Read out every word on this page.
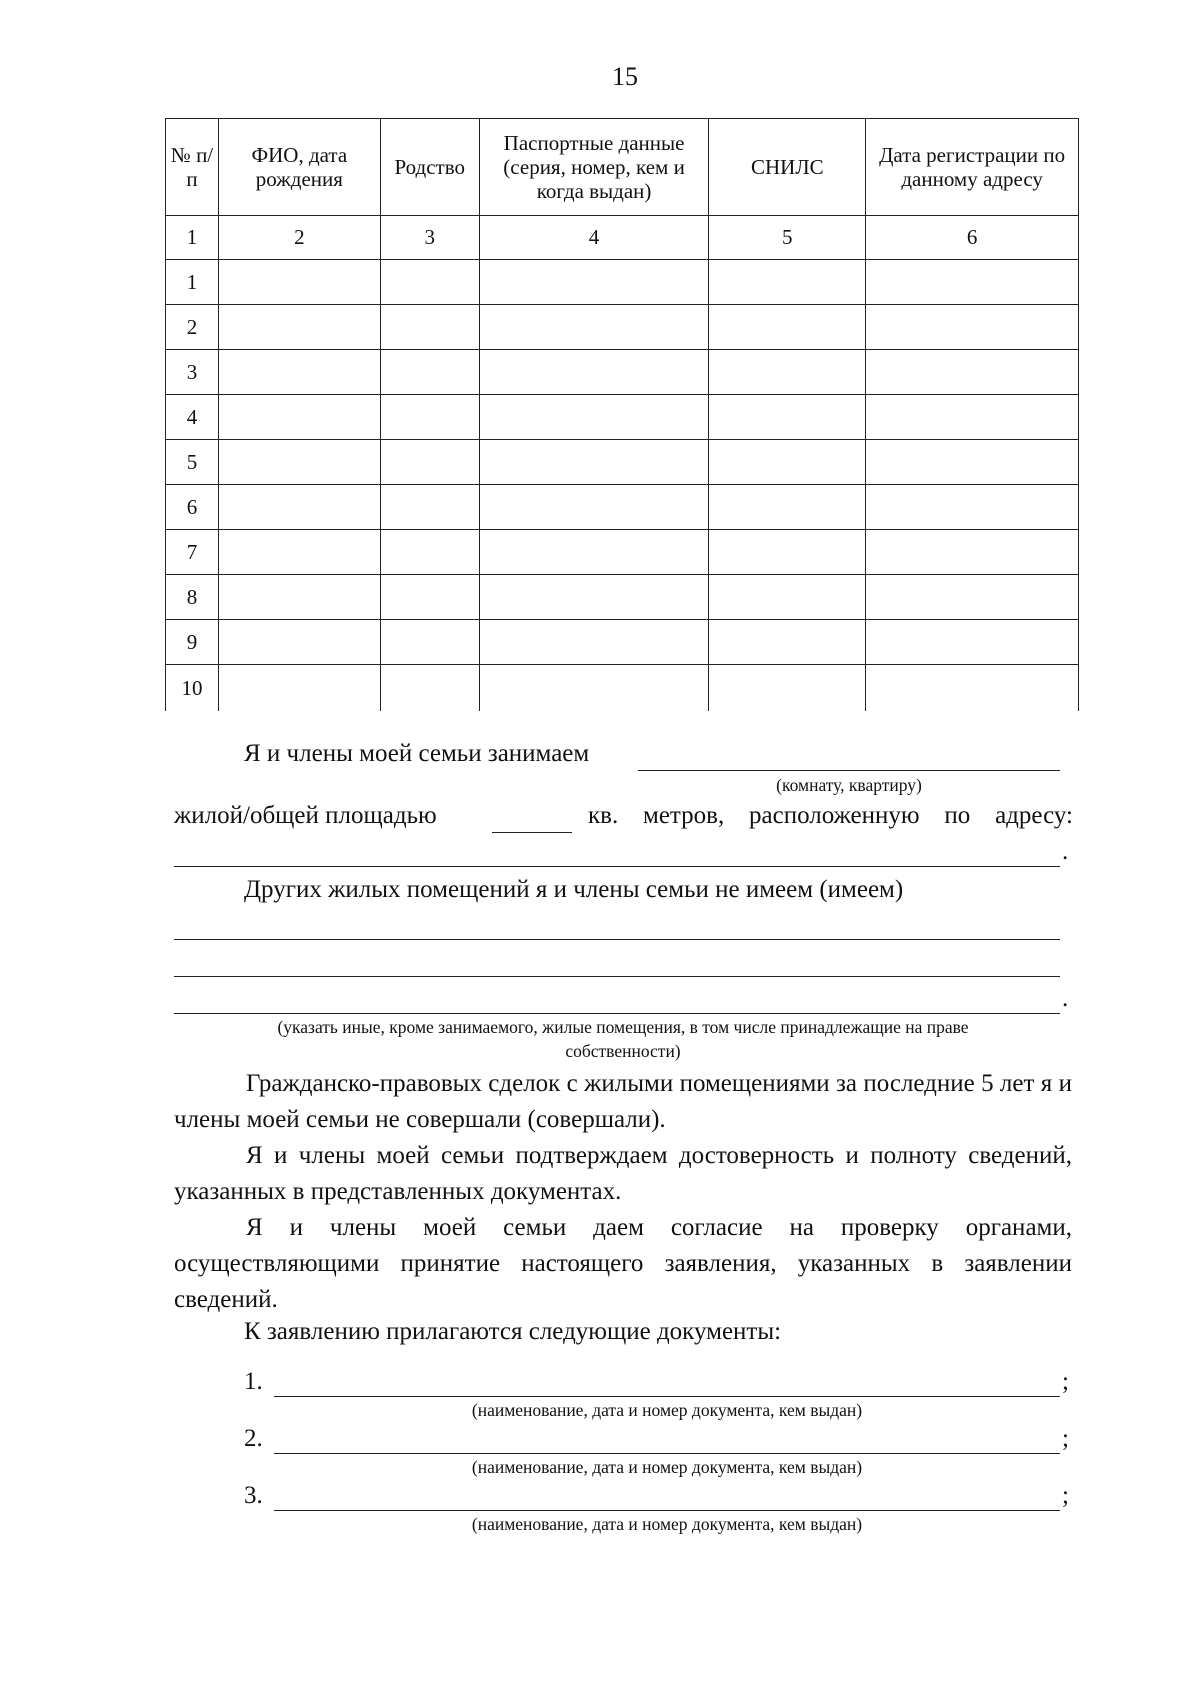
15
№ п/п	ФИО, дата рождения	Родство	Паспортные данные (серия, номер, кем и когда выдан)	СНИЛС	Дата регистрации по данному адресу
1	2	3	4	5	6
1					
2					
3					
4					
5					
6					
7					
8					
9					
10					
Я и члены моей семьи занимаем
(комнату, квартиру)
жилой/общей площадью	кв. метров, расположенную по адресу:
.
Других жилых помещений я и члены семьи не имеем (имеем)
.
(указать иные, кроме занимаемого, жилые помещения, в том числе принадлежащие на праве
собственности)
Гражданско-правовых сделок с жилыми помещениями за последние 5 лет я и члены моей семьи не совершали (совершали).
Я и члены моей семьи подтверждаем достоверность и полноту сведений, указанных в представленных документах.
Я и члены моей семьи даем согласие на проверку органами, осуществляющими принятие настоящего заявления, указанных в заявлении сведений.
К заявлению прилагаются следующие документы:
1.	;
(наименование, дата и номер документа, кем выдан)
2.	;
(наименование, дата и номер документа, кем выдан)
3.	;
(наименование, дата и номер документа, кем выдан)
